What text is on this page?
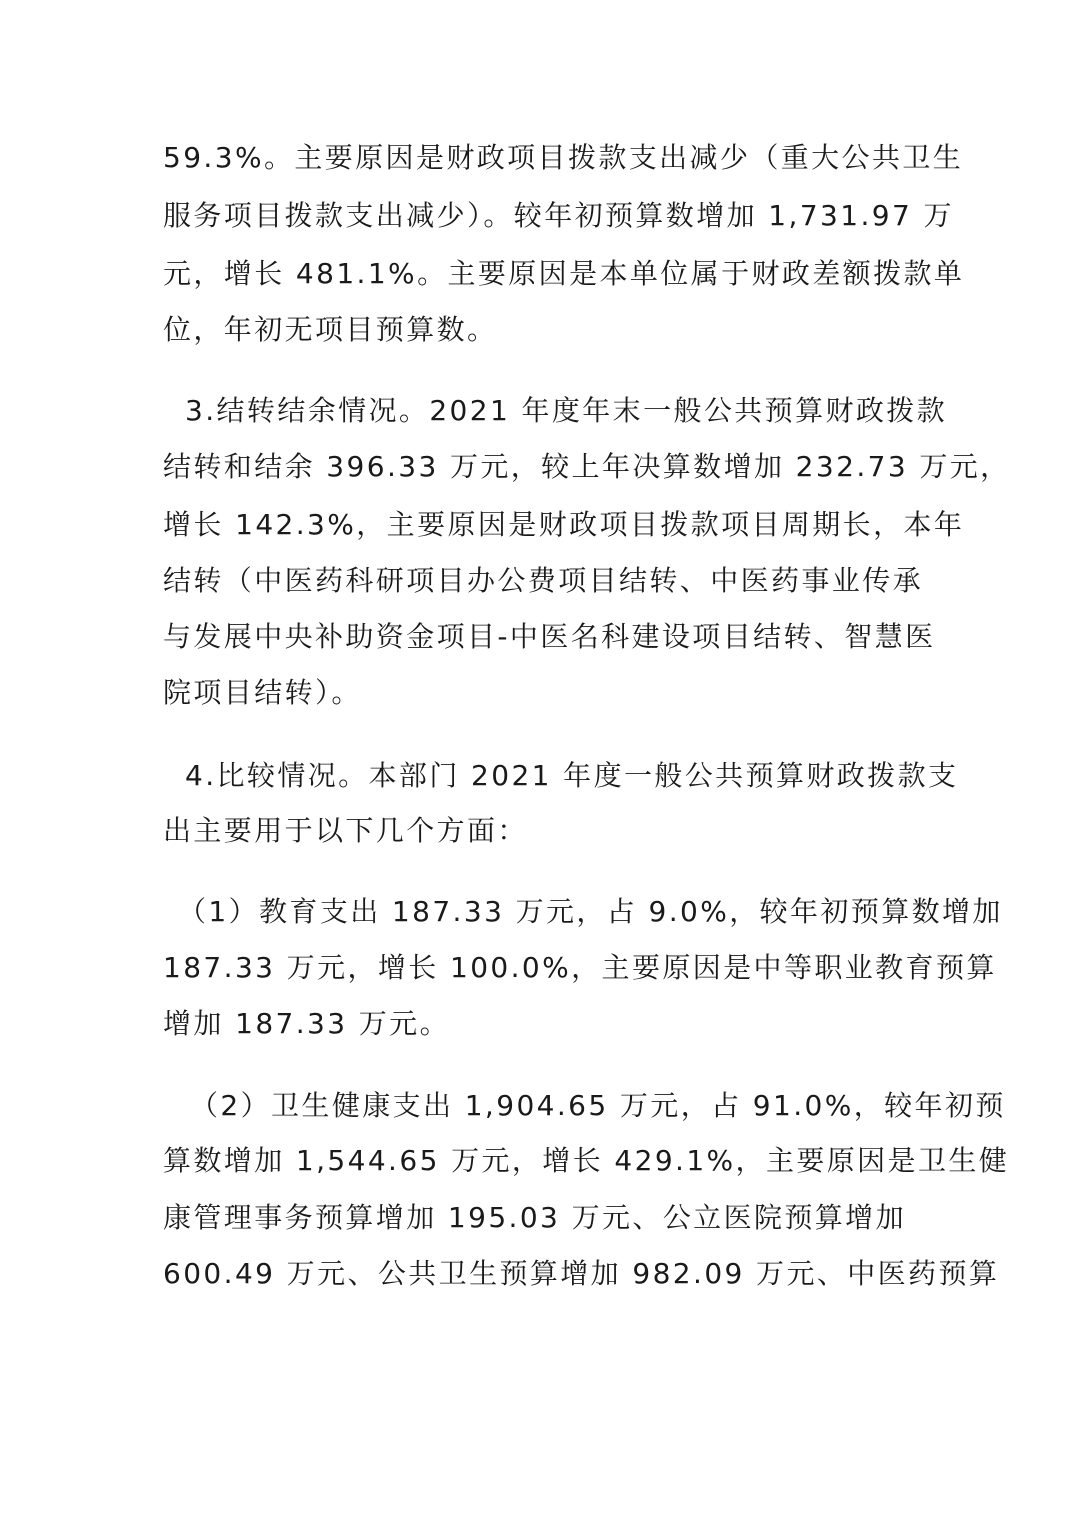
59.3%。主要原因是财政项目拨款支出减少（重大公共卫生
服务项目拨款支出减少）。较年初预算数增加 1,731.97 万
元，增长 481.1%。主要原因是本单位属于财政差额拨款单
位，年初无项目预算数。
3.结转结余情况。2021 年度年末一般公共预算财政拨款
结转和结余 396.33 万元，较上年决算数增加 232.73 万元，
增长 142.3%，主要原因是财政项目拨款项目周期长，本年
结转（中医药科研项目办公费项目结转、中医药事业传承
与发展中央补助资金项目-中医名科建设项目结转、智慧医
院项目结转）。
4.比较情况。本部门 2021 年度一般公共预算财政拨款支
出主要用于以下几个方面：
（1）教育支出 187.33 万元，占 9.0%，较年初预算数增加
187.33 万元，增长 100.0%，主要原因是中等职业教育预算
增加 187.33 万元。
（2）卫生健康支出 1,904.65 万元，占 91.0%，较年初预
算数增加 1,544.65 万元，增长 429.1%，主要原因是卫生健
康管理事务预算增加 195.03 万元、公立医院预算增加
600.49 万元、公共卫生预算增加 982.09 万元、中医药预算
